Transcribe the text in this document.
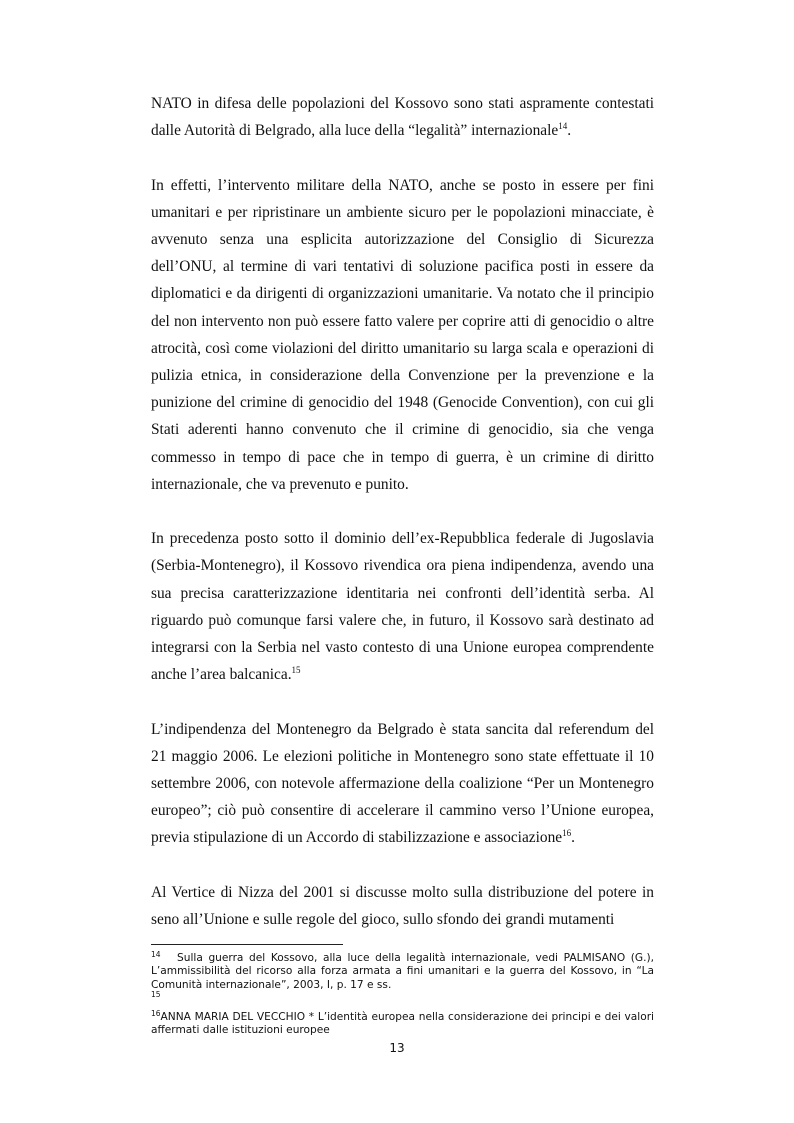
NATO in difesa delle popolazioni del Kossovo sono stati aspramente contestati dalle Autorità di Belgrado, alla luce della “legalità” internazionale$^{14}$.

In effetti, l’intervento militare della NATO, anche se posto in essere per fini umanitari e per ripristinare un ambiente sicuro per le popolazioni minacciate, è avvenuto senza una esplicita autorizzazione del Consiglio di Sicurezza dell’ONU, al termine di vari tentativi di soluzione pacifica posti in essere da diplomatici e da dirigenti di organizzazioni umanitarie. Va notato che il principio del non intervento non può essere fatto valere per coprire atti di genocidio o altre atrocità, così come violazioni del diritto umanitario su larga scala e operazioni di pulizia etnica, in considerazione della Convenzione per la prevenzione e la punizione del crimine di genocidio del 1948 (Genocide Convention), con cui gli Stati aderenti hanno convenuto che il crimine di genocidio, sia che venga commesso in tempo di pace che in tempo di guerra, è un crimine di diritto internazionale, che va prevenuto e punito.

In precedenza posto sotto il dominio dell’ex-Repubblica federale di Jugoslavia (Serbia-Montenegro), il Kossovo rivendica ora piena indipendenza, avendo una sua precisa caratterizzazione identitaria nei confronti dell’identità serba. Al riguardo può comunque farsi valere che, in futuro, il Kossovo sarà destinato ad integrarsi con la Serbia nel vasto contesto di una Unione europea comprendente anche l’area balcanica.$^{15}$

L’indipendenza del Montenegro da Belgrado è stata sancita dal referendum del 21 maggio 2006. Le elezioni politiche in Montenegro sono state effettuate il 10 settembre 2006, con notevole affermazione della coalizione “Per un Montenegro europeo”; ciò può consentire di accelerare il cammino verso l’Unione europea, previa stipulazione di un Accordo di stabilizzazione e associazione$^{16}$.

Al Vertice di Nizza del 2001 si discusse molto sulla distribuzione del potere in seno all’Unione e sulle regole del gioco, sullo sfondo dei grandi mutamenti

14 Sulla guerra del Kossovo, alla luce della legalità internazionale, vedi PALMISANO (G.), L’ammissibilità del ricorso alla forza armata a fini umanitari e la guerra del Kossovo, in “La Comunità internazionale”, 2003, I, p. 17 e ss.

$^{15}$

$^{16}$ANNA MARIA DEL VECCHIO * L’identità europea nella considerazione dei principi e dei valori affermati dalle istituzioni europee

13
